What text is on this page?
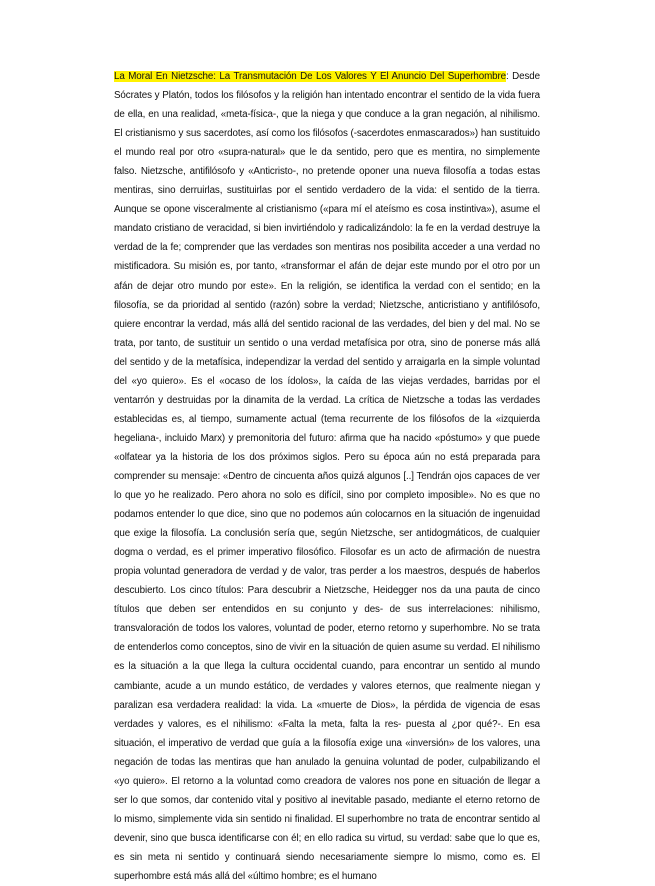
La Moral En Nietzsche: La Transmutación De Los Valores Y El Anuncio Del Superhombre: Desde Sócrates y Platón, todos los filósofos y la religión han intentado encontrar el sentido de la vida fuera de ella, en una realidad, «meta-física-, que la niega y que conduce a la gran negación, al nihilismo. El cristianismo y sus sacerdotes, así como los filósofos (-sacerdotes enmascarados») han sustituido el mundo real por otro «supra-natural» que le da sentido, pero que es mentira, no simplemente falso. Nietzsche, antifilósofo y «Anticristo-, no pretende oponer una nueva filosofía a todas estas mentiras, sino derruirlas, sustituirlas por el sentido verdadero de la vida: el sentido de la tierra. Aunque se opone visceralmente al cristianismo («para mí el ateísmo es cosa instintiva»), asume el mandato cristiano de veracidad, si bien invirtiéndolo y radicalizándolo: la fe en la verdad destruye la verdad de la fe; comprender que las verdades son mentiras nos posibilita acceder a una verdad no mistificadora. Su misión es, por tanto, «transformar el afán de dejar este mundo por el otro por un afán de dejar otro mundo por este». En la religión, se identifica la verdad con el sentido; en la filosofía, se da prioridad al sentido (razón) sobre la verdad; Nietzsche, anticristiano y antifilósofo, quiere encontrar la verdad, más allá del sentido racional de las verdades, del bien y del mal. No se trata, por tanto, de sustituir un sentido o una verdad metafísica por otra, sino de ponerse más allá del sentido y de la metafísica, independizar la verdad del sentido y arraigarla en la simple voluntad del «yo quiero». Es el «ocaso de los ídolos», la caída de las viejas verdades, barridas por el ventarrón y destruidas por la dinamita de la verdad. La crítica de Nietzsche a todas las verdades establecidas es, al tiempo, sumamente actual (tema recurrente de los filósofos de la «izquierda hegeliana-, incluido Marx) y premonitoria del futuro: afirma que ha nacido «póstumo» y que puede «olfatear ya la historia de los dos próximos siglos. Pero su época aún no está preparada para comprender su mensaje: «Dentro de cincuenta años quizá algunos [..] Tendrán ojos capaces de ver lo que yo he realizado. Pero ahora no solo es difícil, sino por completo imposible». No es que no podamos entender lo que dice, sino que no podemos aún colocarnos en la situación de ingenuidad que exige la filosofía. La conclusión sería que, según Nietzsche, ser antidogmáticos, de cualquier dogma o verdad, es el primer imperativo filosófico. Filosofar es un acto de afirmación de nuestra propia voluntad generadora de verdad y de valor, tras perder a los maestros, después de haberlos descubierto. Los cinco títulos: Para descubrir a Nietzsche, Heidegger nos da una pauta de cinco títulos que deben ser entendidos en su conjunto y des- de sus interrelaciones: nihilismo, transvaloración de todos los valores, voluntad de poder, eterno retorno y superhombre. No se trata de entenderlos como conceptos, sino de vivir en la situación de quien asume su verdad. El nihilismo es la situación a la que llega la cultura occidental cuando, para encontrar un sentido al mundo cambiante, acude a un mundo estático, de verdades y valores eternos, que realmente niegan y paralizan esa verdadera realidad: la vida. La «muerte de Dios», la pérdida de vigencia de esas verdades y valores, es el nihilismo: «Falta la meta, falta la res- puesta al ¿por qué?-. En esa situación, el imperativo de verdad que guía a la filosofía exige una «inversión» de los valores, una negación de todas las mentiras que han anulado la genuina voluntad de poder, culpabilizando el «yo quiero». El retorno a la voluntad como creadora de valores nos pone en situación de llegar a ser lo que somos, dar contenido vital y positivo al inevitable pasado, mediante el eterno retorno de lo mismo, simplemente vida sin sentido ni finalidad. El superhombre no trata de encontrar sentido al devenir, sino que busca identificarse con él; en ello radica su virtud, su verdad: sabe que lo que es, es sin meta ni sentido y continuará siendo necesariamente siempre lo mismo, como es. El superhombre está más allá del «último hombre; es el humano
